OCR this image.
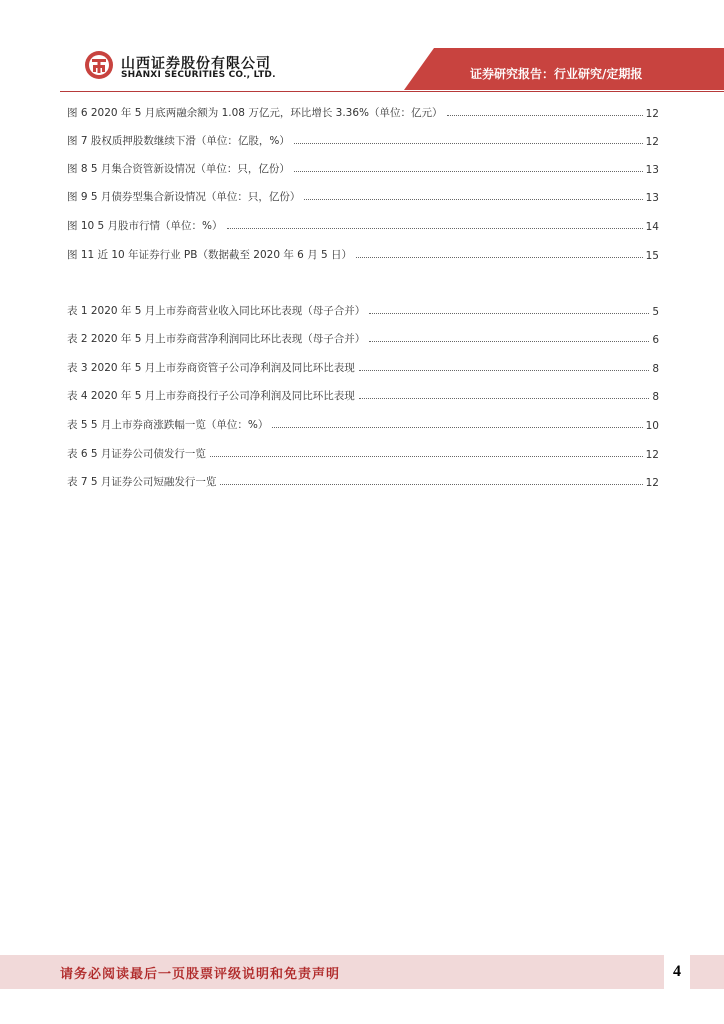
山西证券股份有限公司
SHANXI SECURITIES CO., LTD.	证券研究报告：行业研究/定期报
图 6 2020 年 5 月底两融余额为 1.08 万亿元，环比增长 3.36%（单位：亿元）	12
图 7 股权质押股数继续下滑（单位：亿股，%）	12
图 8 5 月集合资管新设情况（单位：只，亿份）	13
图 9 5 月债券型集合新设情况（单位：只，亿份）	13
图 10 5 月股市行情（单位：%）	14
图 11 近 10 年证券行业 PB（数据截至 2020 年 6 月 5 日）	15
表 1 2020 年 5 月上市券商营业收入同比环比表现（母子合并）	5
表 2 2020 年 5 月上市券商营净利润同比环比表现（母子合并）	6
表 3 2020 年 5 月上市券商资管子公司净利润及同比环比表现	8
表 4 2020 年 5 月上市券商投行子公司净利润及同比环比表现	8
表 5 5 月上市券商涨跌幅一览（单位：%）	10
表 6 5 月证券公司债发行一览	12
表 7 5 月证券公司短融发行一览	12
请务必阅读最后一页股票评级说明和免责声明	4
